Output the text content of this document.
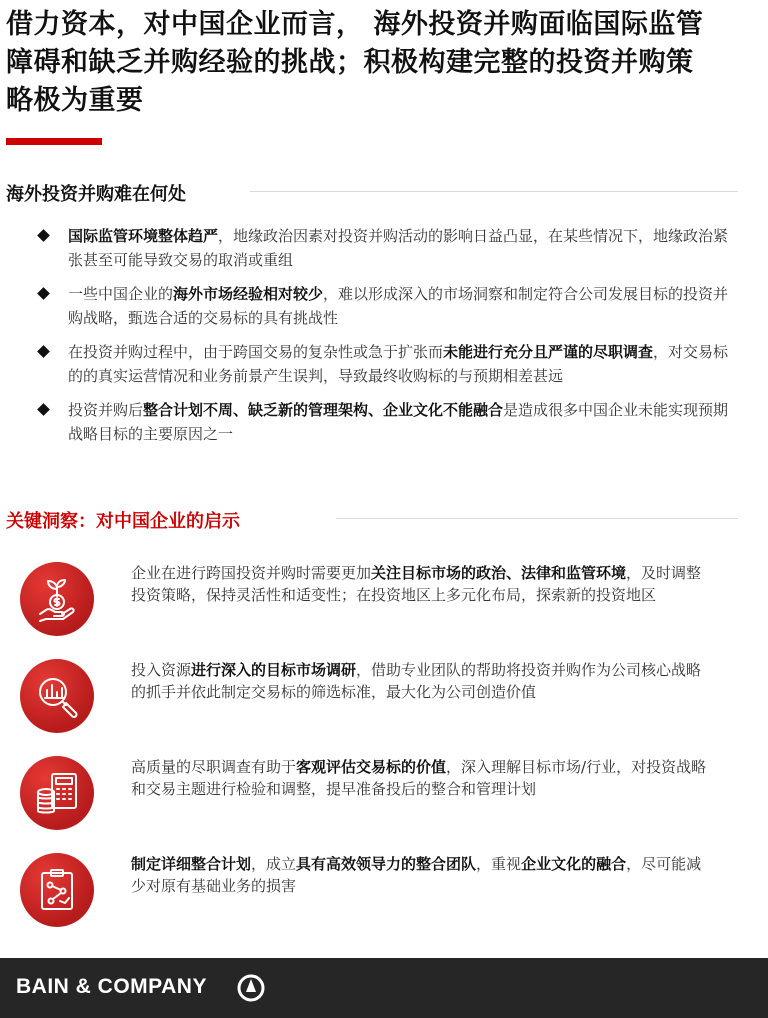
借力资本，对中国企业而言， 海外投资并购面临国际监管障碍和缺乏并购经验的挑战；积极构建完整的投资并购策略极为重要
海外投资并购难在何处
国际监管环境整体趋严，地缘政治因素对投资并购活动的影响日益凸显，在某些情况下，地缘政治紧张甚至可能导致交易的取消或重组
一些中国企业的海外市场经验相对较少，难以形成深入的市场洞察和制定符合公司发展目标的投资并购战略，甄选合适的交易标的具有挑战性
在投资并购过程中，由于跨国交易的复杂性或急于扩张而未能进行充分且严谨的尽职调查，对交易标的的真实运营情况和业务前景产生误判，导致最终收购标的与预期相差甚远
投资并购后整合计划不周、缺乏新的管理架构、企业文化不能融合是造成很多中国企业未能实现预期战略目标的主要原因之一
关键洞察：对中国企业的启示

企业在进行跨国投资并购时需要更加关注目标市场的政治、法律和监管环境，及时调整投资策略，保持灵活性和适变性；在投资地区上多元化布局，探索新的投资地区

投入资源进行深入的目标市场调研，借助专业团队的帮助将投资并购作为公司核心战略的抓手并依此制定交易标的筛选标准，最大化为公司创造价值

高质量的尽职调查有助于客观评估交易标的价值，深入理解目标市场/行业，对投资战略和交易主题进行检验和调整，提早准备投后的整合和管理计划

制定详细整合计划，成立具有高效领导力的整合团队，重视企业文化的融合，尽可能减少对原有基础业务的损害

BAIN & COMPANY
